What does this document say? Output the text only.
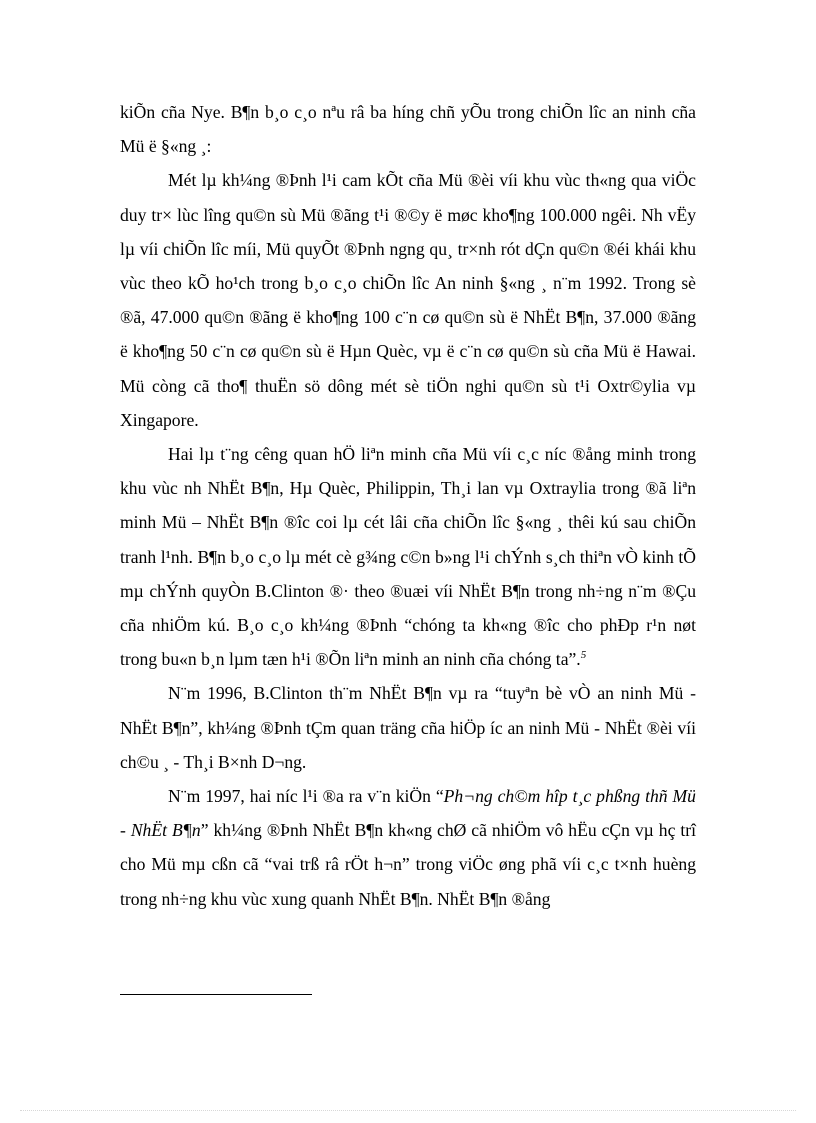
kiÕn cña Nye. B¶n b¸o c¸o nªu râ ba híng chñ yÕu trong chiÕn lîc an ninh cña Mü ë §«ng ¸:

Mét lµ kh¼ng ®Þnh l¹i cam kÕt cña Mü ®èi víi khu vùc th«ng qua viÖc duy tr× lùc lîng qu©n sù Mü ®ãng t¹i ®©y ë møc kho¶ng 100.000 ngêi. Nh vËy lµ víi chiÕn lîc míi, Mü quyÕt ®Þnh ngng qu¸ tr×nh rót dÇn qu©n ®éi khái khu vùc theo kÕ ho¹ch trong b¸o c¸o chiÕn lîc An ninh §«ng ¸ n¨m 1992. Trong sè ®ã, 47.000 qu©n ®ãng ë kho¶ng 100 c¨n cø qu©n sù ë NhËt B¶n, 37.000 ®ãng ë kho¶ng 50 c¨n cø qu©n sù ë Hµn Quèc, vµ ë c¨n cø qu©n sù cña Mü ë Hawai. Mü còng cã tho¶ thuËn sö dông mét sè tiÖn nghi qu©n sù t¹i Oxtr©ylia vµ Xingapore.

Hai lµ t¨ng cêng quan hÖ liªn minh cña Mü víi c¸c níc ®ång minh trong khu vùc nh NhËt B¶n, Hµ Quèc, Philippin, Th¸i lan vµ Oxtraylia trong ®ã liªn minh Mü – NhËt B¶n ®îc coi lµ cét lâi cña chiÕn lîc §«ng ¸ thêi kú sau chiÕn tranh l¹nh. B¶n b¸o c¸o lµ mét cè g¾ng c©n b»ng l¹i chÝnh s¸ch thiªn vÒ kinh tÕ mµ chÝnh quyÒn B.Clinton ®· theo ®uæi víi NhËt B¶n trong nh÷ng n¨m ®Çu cña nhiÖm kú. B¸o c¸o kh¼ng ®Þnh “chóng ta kh«ng ®îc cho phÐp r¹n nøt trong bu«n b¸n lµm tæn h¹i ®Õn liªn minh an ninh cña chóng ta”.$^5$

N¨m 1996, B.Clinton th¨m NhËt B¶n vµ ra “tuyªn bè vÒ an ninh Mü - NhËt B¶n”, kh¼ng ®Þnh tÇm quan träng cña hiÖp íc an ninh Mü - NhËt ®èi víi ch©u ¸ - Th¸i B×nh D¬ng.

N¨m 1997, hai níc l¹i ®a ra v¨n kiÖn “Ph¬ng ch©m hîp t¸c phßng thñ Mü - NhËt B¶n” kh¼ng ®Þnh NhËt B¶n kh«ng chØ cã nhiÖm vô hËu cÇn vµ hç trî cho Mü mµ cßn cã “vai trß râ rÖt h¬n” trong viÖc øng phã víi c¸c t×nh huèng trong nh÷ng khu vùc xung quanh NhËt B¶n. NhËt B¶n ®ång
